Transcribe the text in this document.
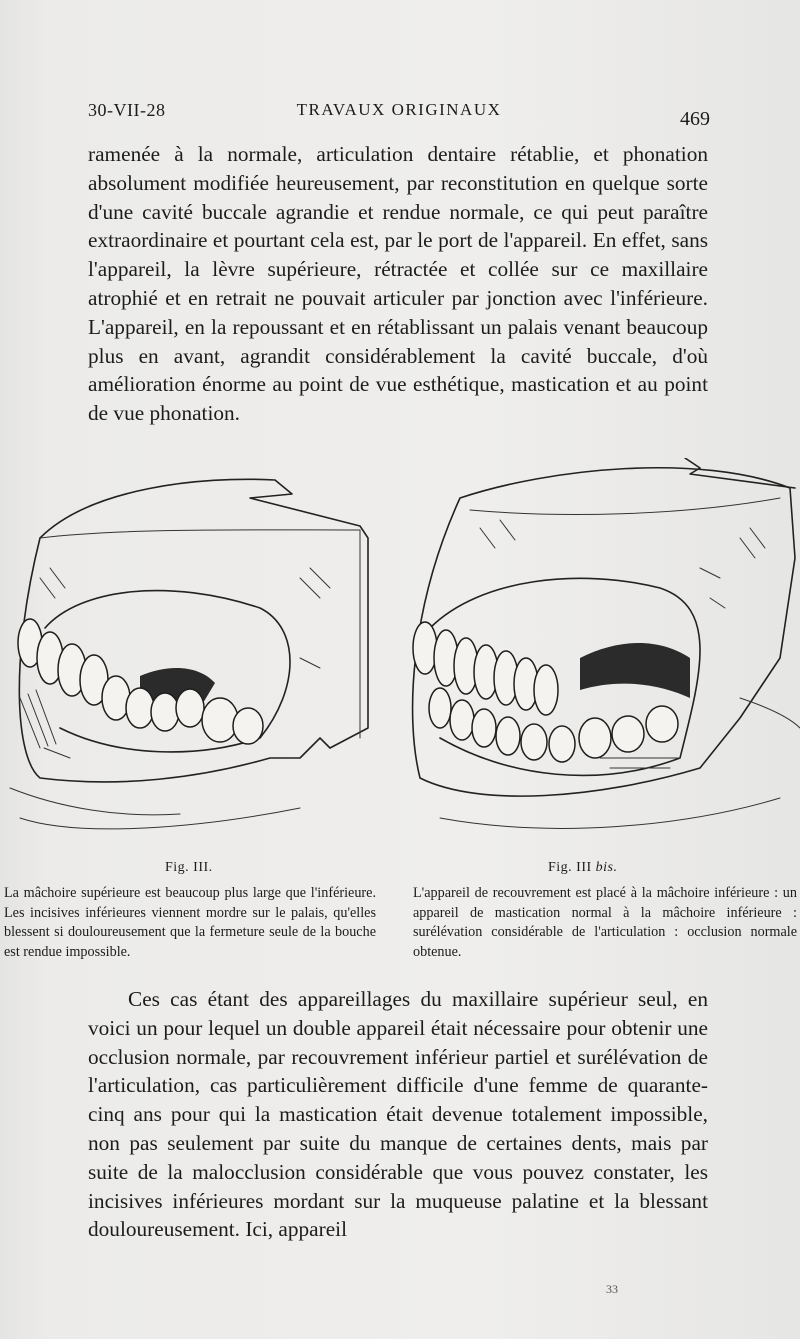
30-VII-28	TRAVAUX ORIGINAUX	469

ramenée à la normale, articulation dentaire rétablie, et phonation absolument modifiée heureusement, par reconstitution en quelque sorte d'une cavité buccale agrandie et rendue normale, ce qui peut paraître extraordinaire et pourtant cela est, par le port de l'appareil. En effet, sans l'appareil, la lèvre supérieure, rétractée et collée sur ce maxillaire atrophié et en retrait ne pouvait articuler par jonction avec l'inférieure. L'appareil, en la repoussant et en rétablissant un palais venant beaucoup plus en avant, agrandit considérablement la cavité buccale, d'où amélioration énorme au point de vue esthétique, mastication et au point de vue phonation.

Fig. III.	Fig. III bis.

La mâchoire supérieure est beaucoup plus large que l'inférieure. Les incisives inférieures viennent mordre sur le palais, qu'elles blessent si douloureusement que la fermeture seule de la bouche est rendue impossible.

L'appareil de recouvrement est placé à la mâchoire inférieure : un appareil de mastication normal à la mâchoire inférieure : surélévation considérable de l'articulation : occlusion normale obtenue.

Ces cas étant des appareillages du maxillaire supérieur seul, en voici un pour lequel un double appareil était nécessaire pour obtenir une occlusion normale, par recouvrement inférieur partiel et surélévation de l'articulation, cas particulièrement difficile d'une femme de quarante-cinq ans pour qui la mastication était devenue totalement impossible, non pas seulement par suite du manque de certaines dents, mais par suite de la malocclusion considérable que vous pouvez constater, les incisives inférieures mordant sur la muqueuse palatine et la blessant douloureusement. Ici, appareil

33
